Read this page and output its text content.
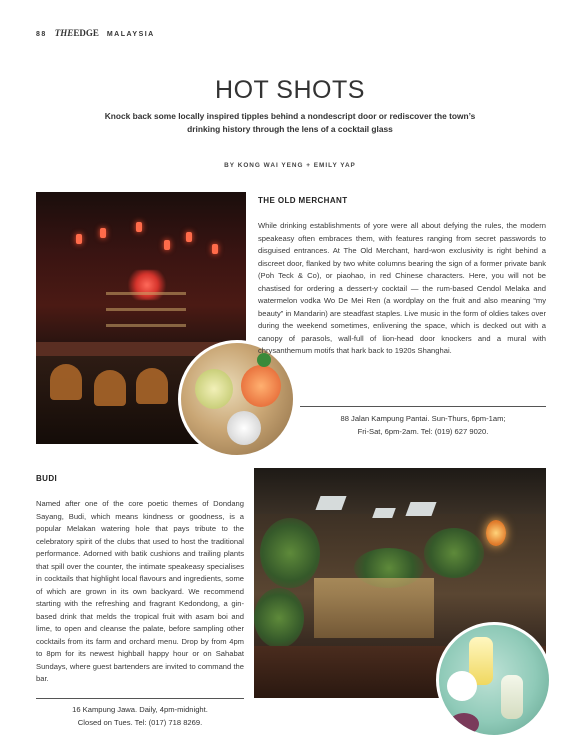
88 THEEDGE MALAYSIA
HOT SHOTS
Knock back some locally inspired tipples behind a nondescript door or rediscover the town’s drinking history through the lens of a cocktail glass
BY KONG WAI YENG + EMILY YAP
THE OLD MERCHANT

While drinking establishments of yore were all about defying the rules, the modern speakeasy often embraces them, with features ranging from secret passwords to disguised entrances. At The Old Merchant, hard-won exclusivity is right behind a discreet door, flanked by two white columns bearing the sign of a former private bank (Poh Teck & Co), or piaohao, in red Chinese characters. Here, you will not be chastised for ordering a dessert-y cocktail — the rum-based Cendol Melaka and watermelon vodka Wo De Mei Ren (a wordplay on the fruit and also meaning “my beauty” in Mandarin) are steadfast staples. Live music in the form of oldies takes over during the weekend sometimes, enlivening the space, which is decked out with a canopy of parasols, wall-full of lion-head door knockers and a mural with chrysanthemum motifs that hark back to 1920s Shanghai.

88 Jalan Kampung Pantai. Sun-Thurs, 6pm-1am;
Fri-Sat, 6pm-2am. Tel: (019) 627 9020.
BUDI

Named after one of the core poetic themes of Dondang Sayang, Budi, which means kindness or goodness, is a popular Melakan watering hole that pays tribute to the celebratory spirit of the clubs that used to host the traditional performance. Adorned with batik cushions and trailing plants that spill over the counter, the intimate speakeasy specialises in cocktails that highlight local flavours and ingredients, some of which are grown in its own backyard. We recommend starting with the refreshing and fragrant Kedondong, a gin-based drink that melds the tropical fruit with asam boi and lime, to open and cleanse the palate, before sampling other cocktails from its farm and orchard menu. Drop by from 4pm to 8pm for its newest highball happy hour or on Sahabat Sundays, where guest bartenders are invited to command the bar.

16 Kampung Jawa. Daily, 4pm-midnight.
Closed on Tues. Tel: (017) 718 8269.
